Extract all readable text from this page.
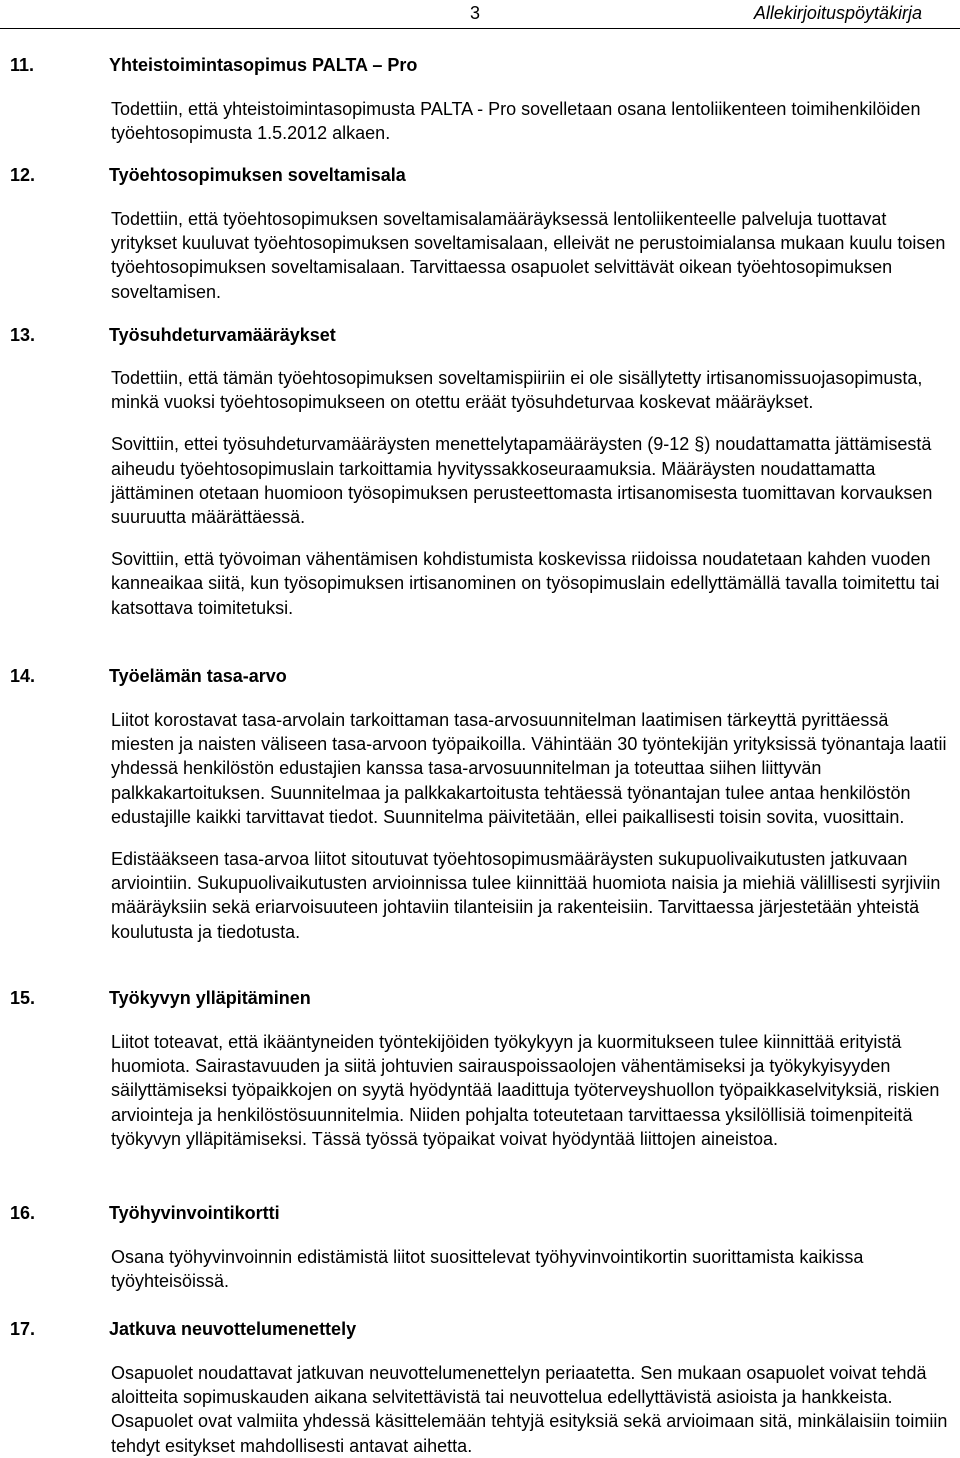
3	Allekirjoituspöytäkirja
11.	Yhteistoimintasopimus PALTA – Pro

Todettiin, että yhteistoimintasopimusta PALTA - Pro sovelletaan osana lentoliikenteen toimihenkilöiden työehtosopimusta 1.5.2012 alkaen.

12.	Työehtosopimuksen soveltamisala

Todettiin, että työehtosopimuksen soveltamisalamääräyksessä lentoliikenteelle palveluja tuottavat yritykset kuuluvat työehtosopimuksen soveltamisalaan, elleivät ne perustoimialansa mukaan kuulu toisen työehtosopimuksen soveltamisalaan. Tarvittaessa osapuolet selvittävät oikean työehtosopimuksen soveltamisen.

13.	Työsuhdeturvamääräykset

Todettiin, että tämän työehtosopimuksen soveltamispiiriin ei ole sisällytetty irtisanomissuojasopimusta, minkä vuoksi työehtosopimukseen on otettu eräät työsuhdeturvaa koskevat määräykset.

Sovittiin, ettei työsuhdeturvamääräysten menettelytapamääräysten (9-12 §) noudattamatta jättämisestä aiheudu työehtosopimuslain tarkoittamia hyvityssakkoseuraamuksia. Määräysten noudattamatta jättäminen otetaan huomioon työsopimuksen perusteettomasta irtisanomisesta tuomittavan korvauksen suuruutta määrättäessä.

Sovittiin, että työvoiman vähentämisen kohdistumista koskevissa riidoissa noudatetaan kahden vuoden kanneaikaa siitä, kun työsopimuksen irtisanominen on työsopimuslain edellyttämällä tavalla toimitettu tai katsottava toimitetuksi.

14.	Työelämän tasa-arvo

Liitot korostavat tasa-arvolain tarkoittaman tasa-arvosuunnitelman laatimisen tärkeyttä pyrittäessä miesten ja naisten väliseen tasa-arvoon työpaikoilla. Vähintään 30 työntekijän yrityksissä työnantaja laatii yhdessä henkilöstön edustajien kanssa tasa-arvosuunnitelman ja toteuttaa siihen liittyvän palkkakartoituksen. Suunnitelmaa ja palkkakartoitusta tehtäessä työnantajan tulee antaa henkilöstön edustajille kaikki tarvittavat tiedot. Suunnitelma päivitetään, ellei paikallisesti toisin sovita, vuosittain.

Edistääkseen tasa-arvoa liitot sitoutuvat työehtosopimusmääräysten sukupuolivaikutusten jatkuvaan arviointiin. Sukupuolivaikutusten arvioinnissa tulee kiinnittää huomiota naisia ja miehiä välillisesti syrjiviin määräyksiin sekä eriarvoisuuteen johtaviin tilanteisiin ja rakenteisiin. Tarvittaessa järjestetään yhteistä koulutusta ja tiedotusta.

15.	Työkyvyn ylläpitäminen

Liitot toteavat, että ikääntyneiden työntekijöiden työkykyyn ja kuormitukseen tulee kiinnittää erityistä huomiota. Sairastavuuden ja siitä johtuvien sairauspoissaolojen vähentämiseksi ja työkykyisyyden säilyttämiseksi työpaikkojen on syytä hyödyntää laadittuja työterveyshuollon työpaikkaselvityksiä, riskien arviointeja ja henkilöstösuunnitelmia. Niiden pohjalta toteutetaan tarvittaessa yksilöllisiä toimenpiteitä työkyvyn ylläpitämiseksi. Tässä työssä työpaikat voivat hyödyntää liittojen aineistoa.

16.	Työhyvinvointikortti

Osana työhyvinvoinnin edistämistä liitot suosittelevat työhyvinvointikortin suorittamista kaikissa työyhteisöissä.

17.	Jatkuva neuvottelumenettely

Osapuolet noudattavat jatkuvan neuvottelumenettelyn periaatetta. Sen mukaan osapuolet voivat tehdä aloitteita sopimuskauden aikana selvitettävistä tai neuvottelua edellyttävistä asioista ja hankkeista. Osapuolet ovat valmiita yhdessä käsittelemään tehtyjä esityksiä sekä arvioimaan sitä, minkälaisiin toimiin tehdyt esitykset mahdollisesti antavat aihetta.
